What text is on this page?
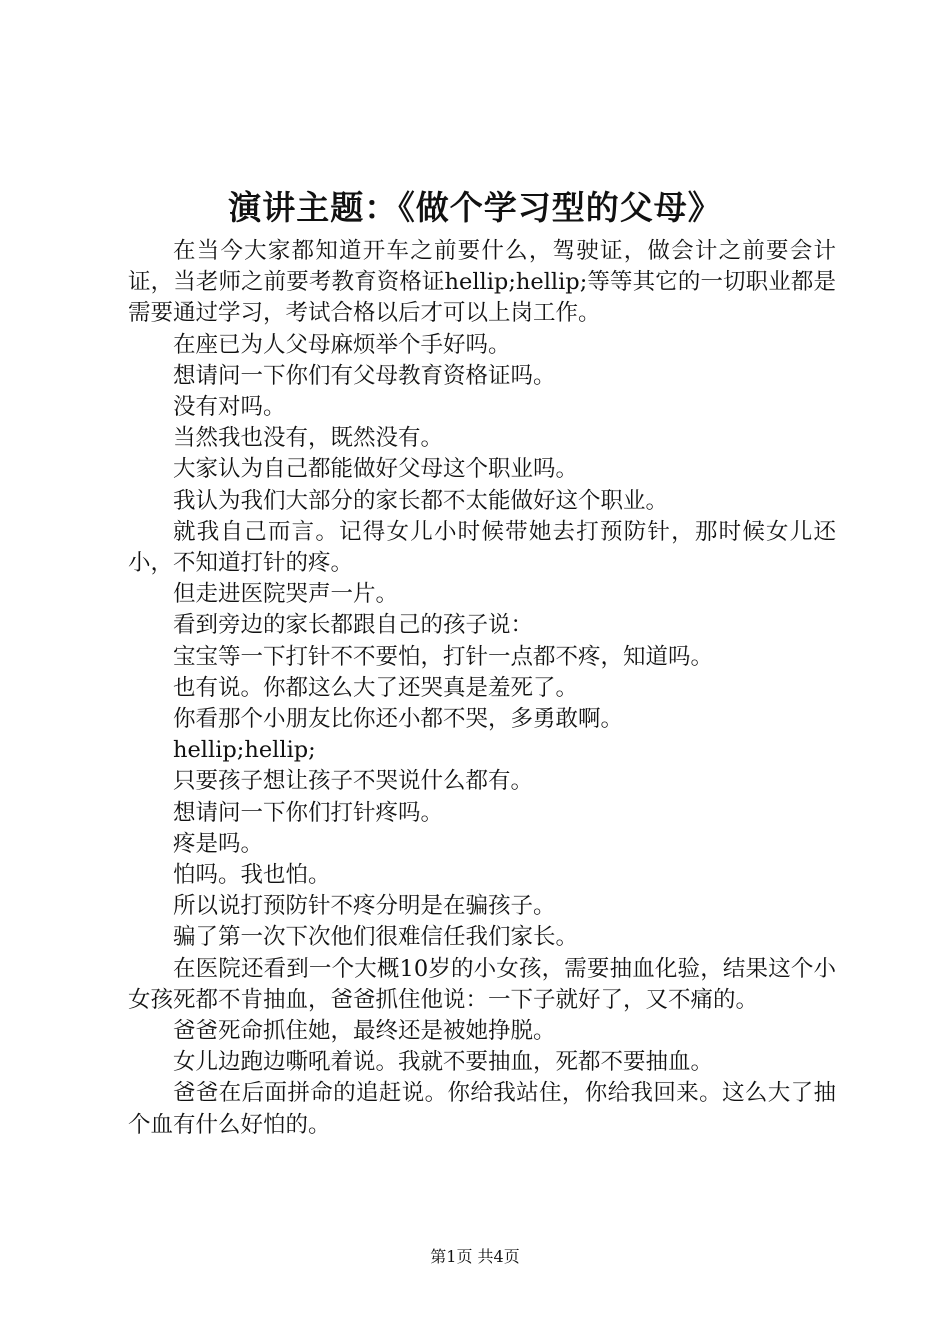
演讲主题：《做个学习型的父母》

在当今大家都知道开车之前要什么，驾驶证，做会计之前要会计证，当老师之前要考教育资格证hellip;hellip;等等其它的一切职业都是需要通过学习，考试合格以后才可以上岗工作。

在座已为人父母麻烦举个手好吗。

想请问一下你们有父母教育资格证吗。

没有对吗。

当然我也没有，既然没有。

大家认为自己都能做好父母这个职业吗。

我认为我们大部分的家长都不太能做好这个职业。

就我自己而言。记得女儿小时候带她去打预防针，那时候女儿还小，不知道打针的疼。

但走进医院哭声一片。

看到旁边的家长都跟自己的孩子说：

宝宝等一下打针不不要怕，打针一点都不疼，知道吗。

也有说。你都这么大了还哭真是羞死了。

你看那个小朋友比你还小都不哭，多勇敢啊。

hellip;hellip;

只要孩子想让孩子不哭说什么都有。

想请问一下你们打针疼吗。

疼是吗。

怕吗。我也怕。

所以说打预防针不疼分明是在骗孩子。

骗了第一次下次他们很难信任我们家长。

在医院还看到一个大概10岁的小女孩，需要抽血化验，结果这个小女孩死都不肯抽血，爸爸抓住他说：一下子就好了，又不痛的。

爸爸死命抓住她，最终还是被她挣脱。

女儿边跑边嘶吼着说。我就不要抽血，死都不要抽血。

爸爸在后面拼命的追赶说。你给我站住，你给我回来。这么大了抽个血有什么好怕的。

第1页 共4页
